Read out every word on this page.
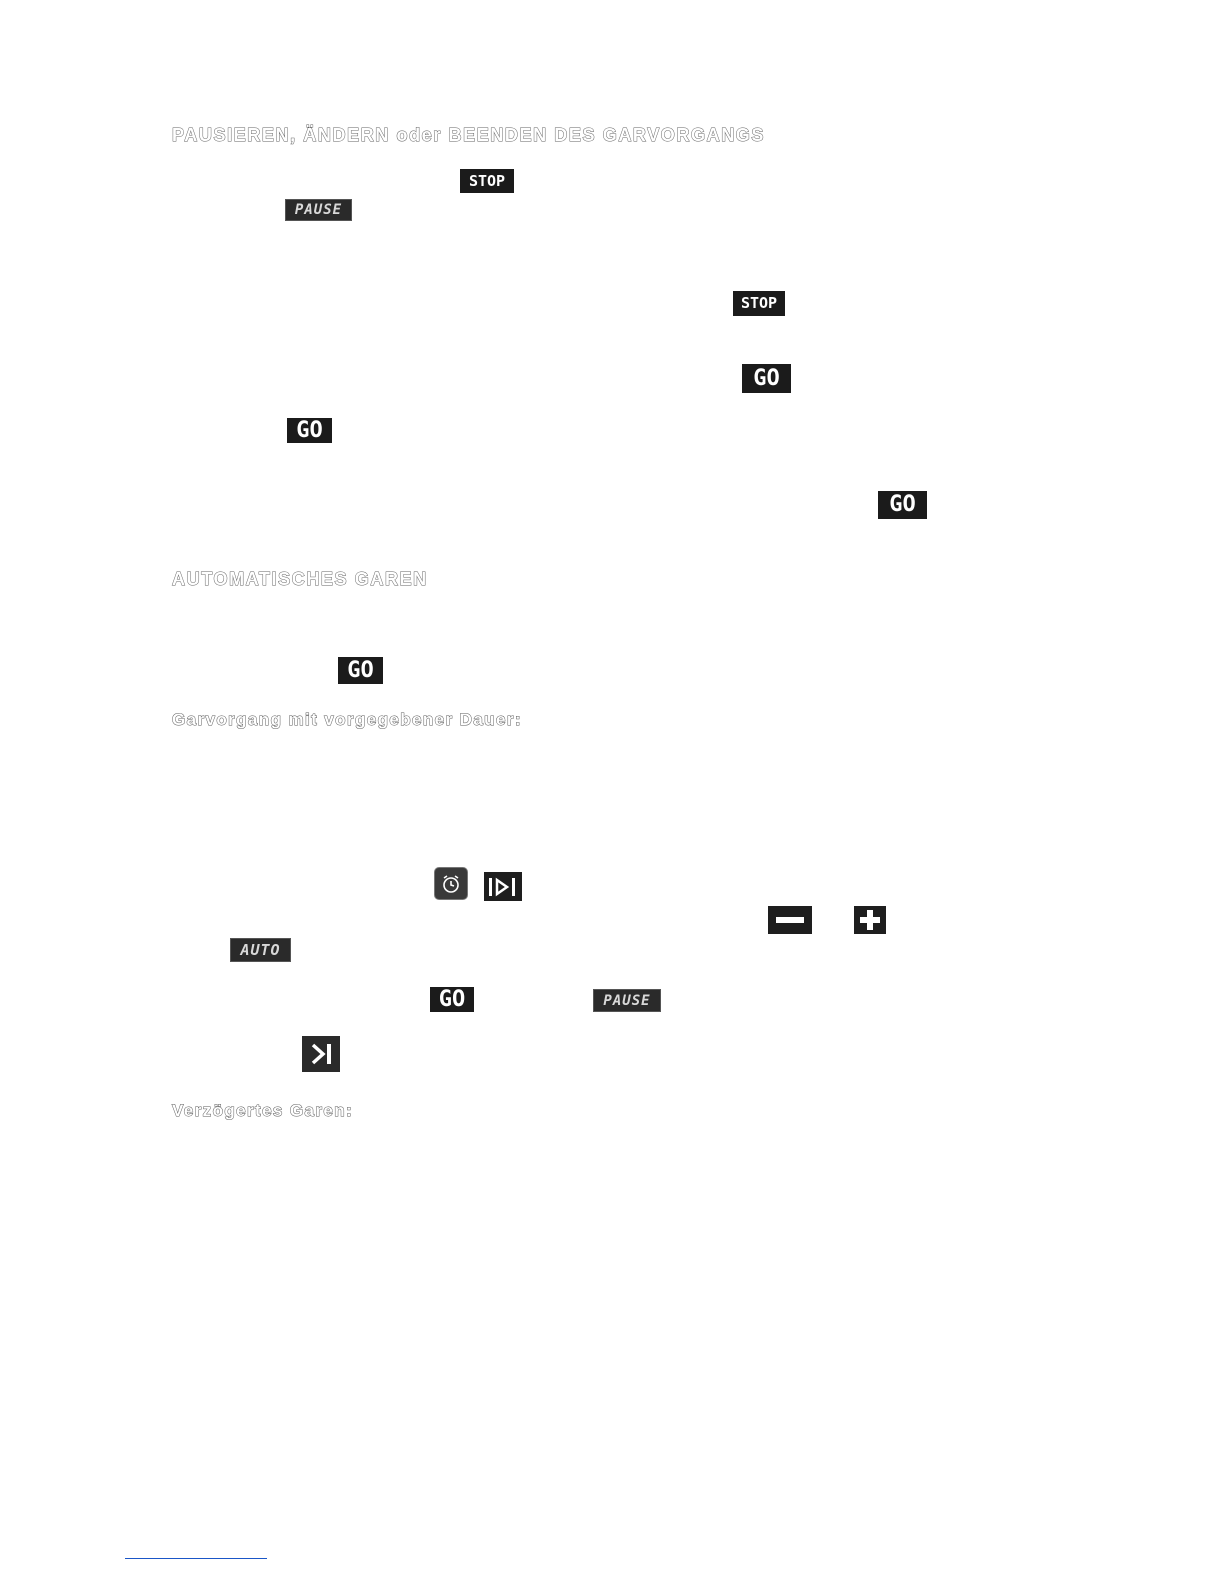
PAUSIEREN, ÄNDERN oder BEENDEN DES GARVORGANGS
STOP
PAUSE
STOP
GO
GO
GO
AUTOMATISCHES GAREN
GO
Garvorgang mit vorgegebener Dauer:
AUTO
GO	PAUSE
Verzögertes Garen:
